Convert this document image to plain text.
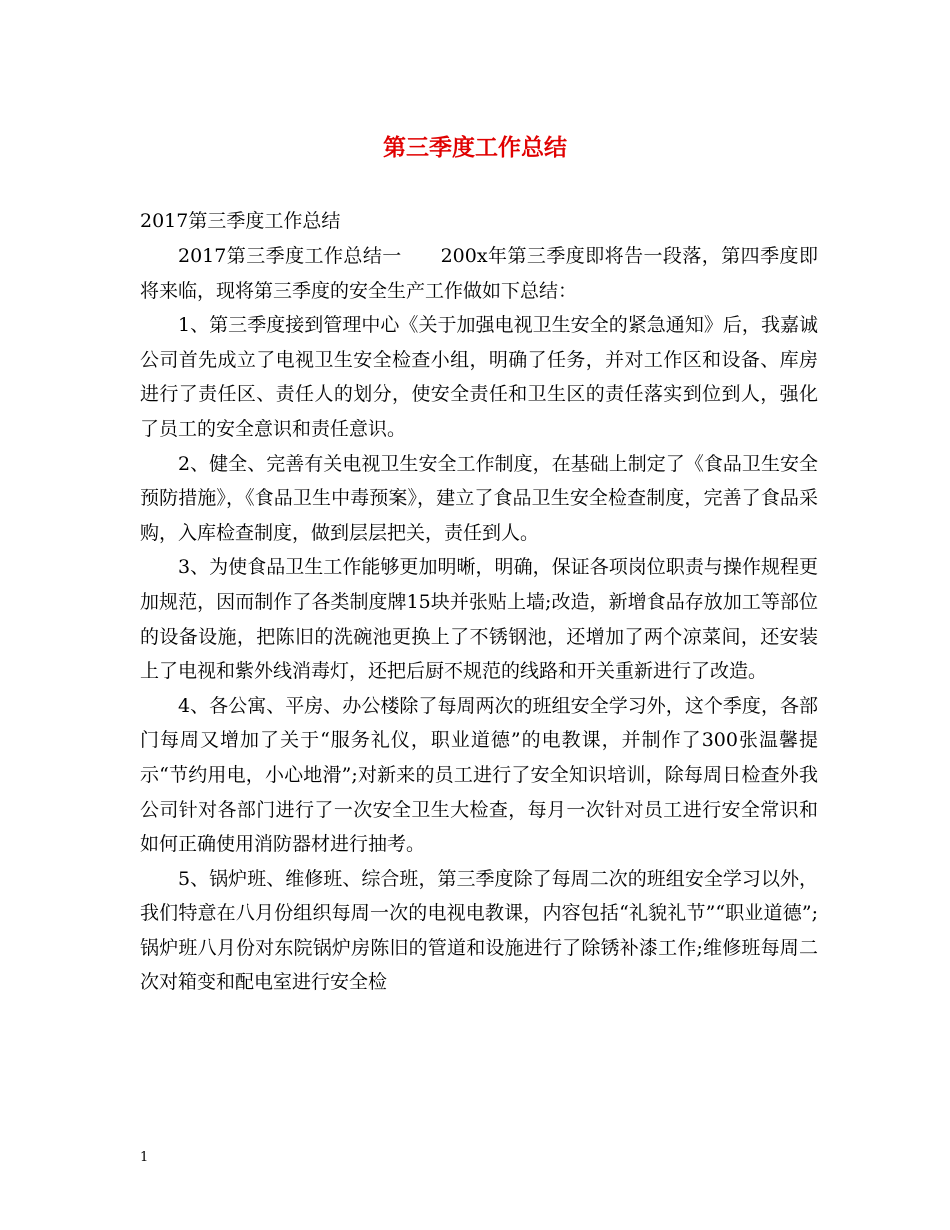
第三季度工作总结
2017第三季度工作总结

2017第三季度工作总结一　　200x年第三季度即将告一段落，第四季度即将来临，现将第三季度的安全生产工作做如下总结：

1、第三季度接到管理中心《关于加强电视卫生安全的紧急通知》后，我嘉诚公司首先成立了电视卫生安全检查小组，明确了任务，并对工作区和设备、库房进行了责任区、责任人的划分，使安全责任和卫生区的责任落实到位到人，强化了员工的安全意识和责任意识。

2、健全、完善有关电视卫生安全工作制度，在基础上制定了《食品卫生安全预防措施》，《食品卫生中毒预案》，建立了食品卫生安全检查制度，完善了食品采购，入库检查制度，做到层层把关，责任到人。

3、为使食品卫生工作能够更加明晰，明确，保证各项岗位职责与操作规程更加规范，因而制作了各类制度牌15块并张贴上墙;改造，新增食品存放加工等部位的设备设施，把陈旧的洗碗池更换上了不锈钢池，还增加了两个凉菜间，还安装上了电视和紫外线消毒灯，还把后厨不规范的线路和开关重新进行了改造。

4、各公寓、平房、办公楼除了每周两次的班组安全学习外，这个季度，各部门每周又增加了关于“服务礼仪，职业道德”的电教课，并制作了300张温馨提示“节约用电，小心地滑”;对新来的员工进行了安全知识培训，除每周日检查外我公司针对各部门进行了一次安全卫生大检查，每月一次针对员工进行安全常识和如何正确使用消防器材进行抽考。

5、锅炉班、维修班、综合班，第三季度除了每周二次的班组安全学习以外，我们特意在八月份组织每周一次的电视电教课，内容包括“礼貌礼节”“职业道德”;锅炉班八月份对东院锅炉房陈旧的管道和设施进行了除锈补漆工作;维修班每周二次对箱变和配电室进行安全检

1
